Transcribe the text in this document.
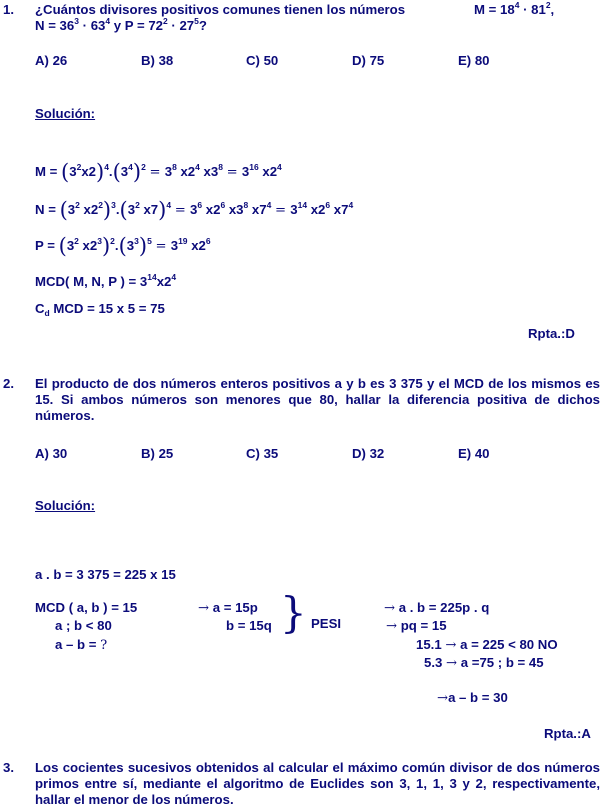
1. ¿Cuántos divisores positivos comunes tienen los números	$M = 18^4 \cdot 81^2$,
$N = 36^3 \cdot 63^4$ y $P = 72^2 \cdot 27^5$?
A) 26	B) 38	C) 50	D) 75	E) 80
Solución:
$M = (3^2x2)^4.(3^4)^2 = 3^8$ $x2^4$ $x3^8 = 3^{16}$ $x2^4$
$N = (3^2$ $x2^2)^3.(3^2$ $x7)^4 = 3^6$ $x2^6$ $x3^8$ $x7^4 = 3^{14}$ $x2^6$ $x7^4$
$P = (3^2$ $x2^3)^2.(3^3)^5 = 3^{19}$ $x2^6$
MCD( M, N, P ) = $3^{14}x2^4$
$C_d$ MCD = 15 x 5 = 75
Rpta.:D
2. El producto de dos números enteros positivos a y b es 3 375 y el MCD de los mismos es 15. Si ambos números son menores que 80, hallar la diferencia positiva de dichos números.
A) 30	B) 25	C) 35	D) 32	E) 40
Solución:
a . b = 3 375 = 225 x 15
MCD ( a, b ) = 15
a ; b < 80
a – b = ?
→ a = 15p
b = 15q } PESI
→ a . b = 225p . q
→ pq = 15
15.1 → a = 225 < 80 NO
5.3 → a =75 ; b = 45
→a – b = 30
Rpta.:A
3. Los cocientes sucesivos obtenidos al calcular el máximo común divisor de dos números primos entre sí, mediante el algoritmo de Euclides son 3, 1, 1, 3 y 2, respectivamente, hallar el menor de los números.
